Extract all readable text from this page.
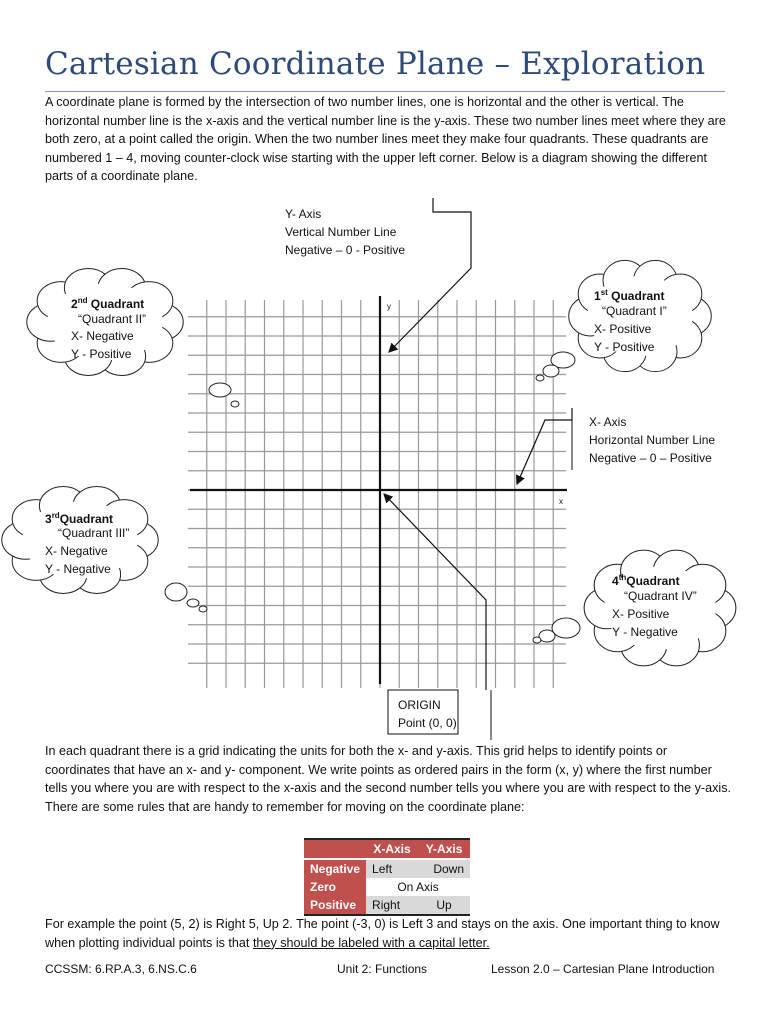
Cartesian Coordinate Plane – Exploration
A coordinate plane is formed by the intersection of two number lines, one is horizontal and the other is vertical. The horizontal number line is the x-axis and the vertical number line is the y-axis. These two number lines meet where they are both zero, at a point called the origin. When the two number lines meet they make four quadrants. These quadrants are numbered 1 – 4, moving counter-clock wise starting with the upper left corner. Below is a diagram showing the different parts of a coordinate plane.
y
x
Y- Axis
Vertical Number Line
Negative – 0 - Positive
X- Axis
Horizontal Number Line
Negative – 0 – Positive
ORIGIN
Point (0, 0)
2nd Quadrant
“Quadrant II”
X- Negative
Y - Positive
1st Quadrant
“Quadrant I”
X- Positive
Y - Positive
3rdQuadrant
“Quadrant III”
X- Negative
Y - Negative
4thQuadrant
“Quadrant IV”
X- Positive
Y - Negative
In each quadrant there is a grid indicating the units for both the x- and y-axis. This grid helps to identify points or coordinates that have an x- and y- component. We write points as ordered pairs in the form (x, y) where the first number tells you where you are with respect to the x-axis and the second number tells you where you are with respect to the y-axis. There are some rules that are handy to remember for moving on the coordinate plane:
	X-Axis	Y-Axis
Negative	Left	Down
Zero	On Axis	
Positive	Right	Up
For example the point (5, 2) is Right 5, Up 2. The point (-3, 0) is Left 3 and stays on the axis. One important thing to know when plotting individual points is that they should be labeled with a capital letter.
CCSSM: 6.RP.A.3, 6.NS.C.6	Unit 2: Functions	Lesson 2.0 – Cartesian Plane Introduction
